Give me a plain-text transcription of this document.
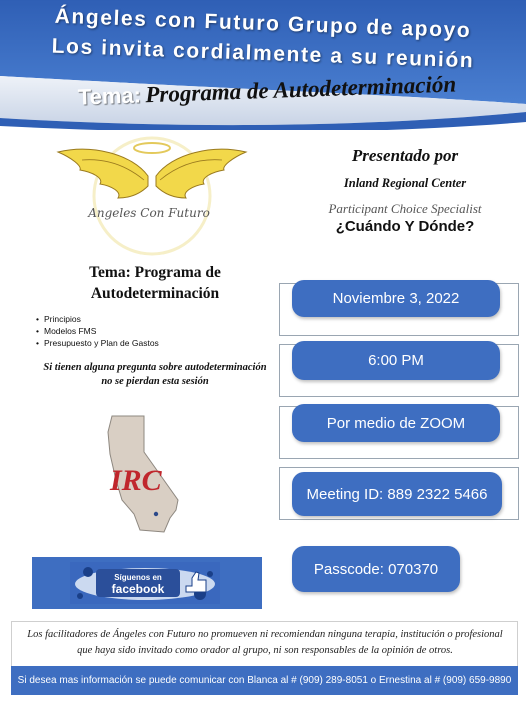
Ángeles con Futuro Grupo de apoyo
Los invita cordialmente a su reunión
Tema: Programa de Autodeterminación
Angeles Con Futuro
Presentado por
Inland Regional Center
Participant Choice Specialist
¿Cuándo Y Dónde?
Tema: Programa de Autodeterminación
• Principios
• Modelos FMS
• Presupuesto y Plan de Gastos
Si tienen alguna pregunta sobre autodeterminación no se pierdan esta sesión
IRC
Noviembre 3, 2022
6:00 PM
Por medio de ZOOM
Meeting ID: 889 2322 5466
Passcode: 070370
Síguenos en
facebook
Los facilitadores de Ángeles con Futuro no promueven ni recomiendan ninguna terapia, institución o profesional que haya sido invitado como orador al grupo, ni son responsables de la opinión de otros.
Si desea mas información se puede comunicar con Blanca al # (909) 289-8051 o Ernestina al # (909) 659-9890
